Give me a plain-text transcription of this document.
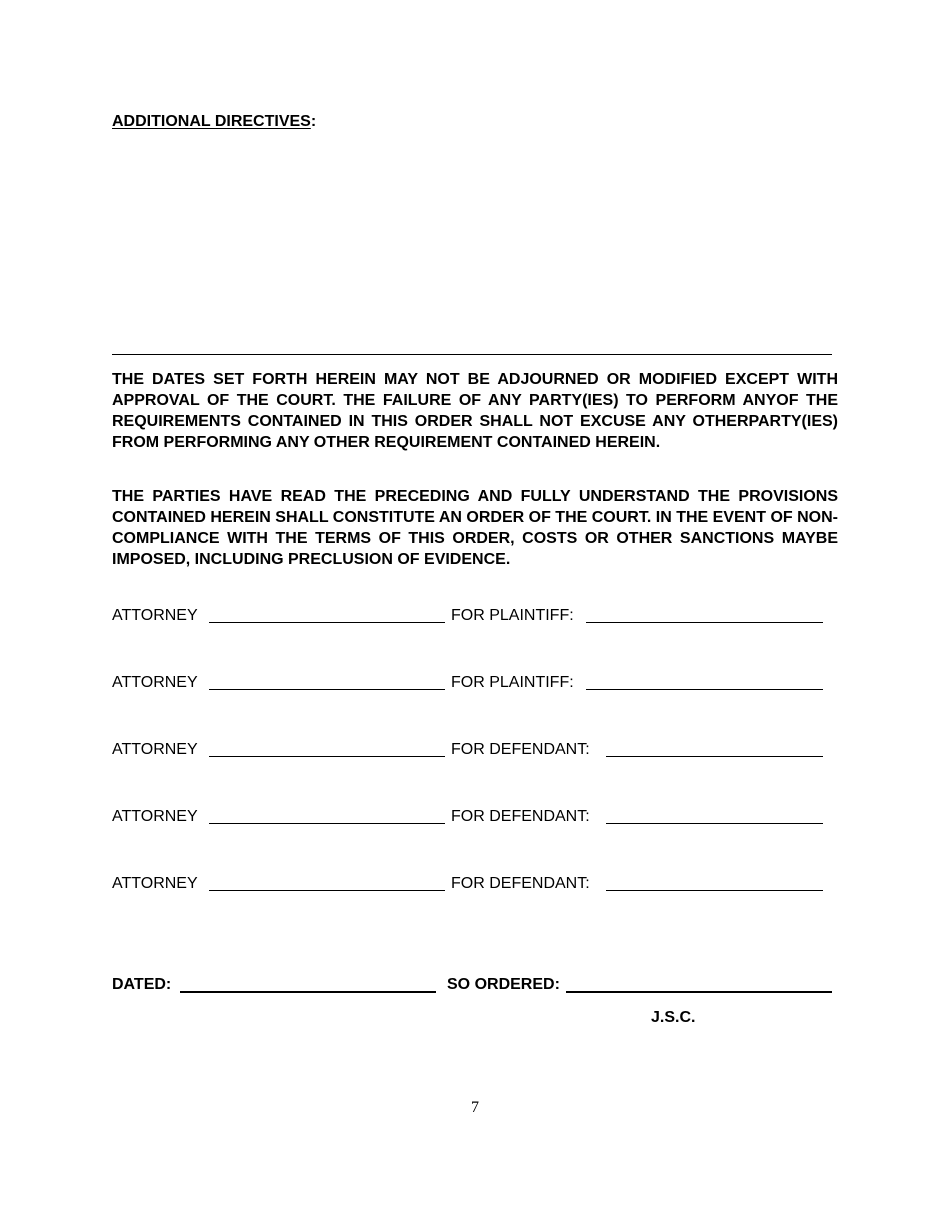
ADDITIONAL DIRECTIVES:
THE DATES SET FORTH HEREIN MAY NOT BE ADJOURNED OR MODIFIED EXCEPT WITH APPROVAL OF THE COURT. THE FAILURE OF ANY PARTY(IES) TO PERFORM ANYOF THE REQUIREMENTS CONTAINED IN THIS ORDER SHALL NOT EXCUSE ANY OTHERPARTY(IES) FROM PERFORMING ANY OTHER REQUIREMENT CONTAINED HEREIN.
THE PARTIES HAVE READ THE PRECEDING AND FULLY UNDERSTAND THE PROVISIONS CONTAINED HEREIN SHALL CONSTITUTE AN ORDER OF THE COURT. IN THE EVENT OF NON-COMPLIANCE WITH THE TERMS OF THIS ORDER, COSTS OR OTHER SANCTIONS MAYBE IMPOSED, INCLUDING PRECLUSION OF EVIDENCE.
ATTORNEY	FOR PLAINTIFF:
ATTORNEY	FOR PLAINTIFF:
ATTORNEY	FOR DEFENDANT:
ATTORNEY	FOR DEFENDANT:
ATTORNEY	FOR DEFENDANT:
DATED:	SO ORDERED:
J.S.C.
7
